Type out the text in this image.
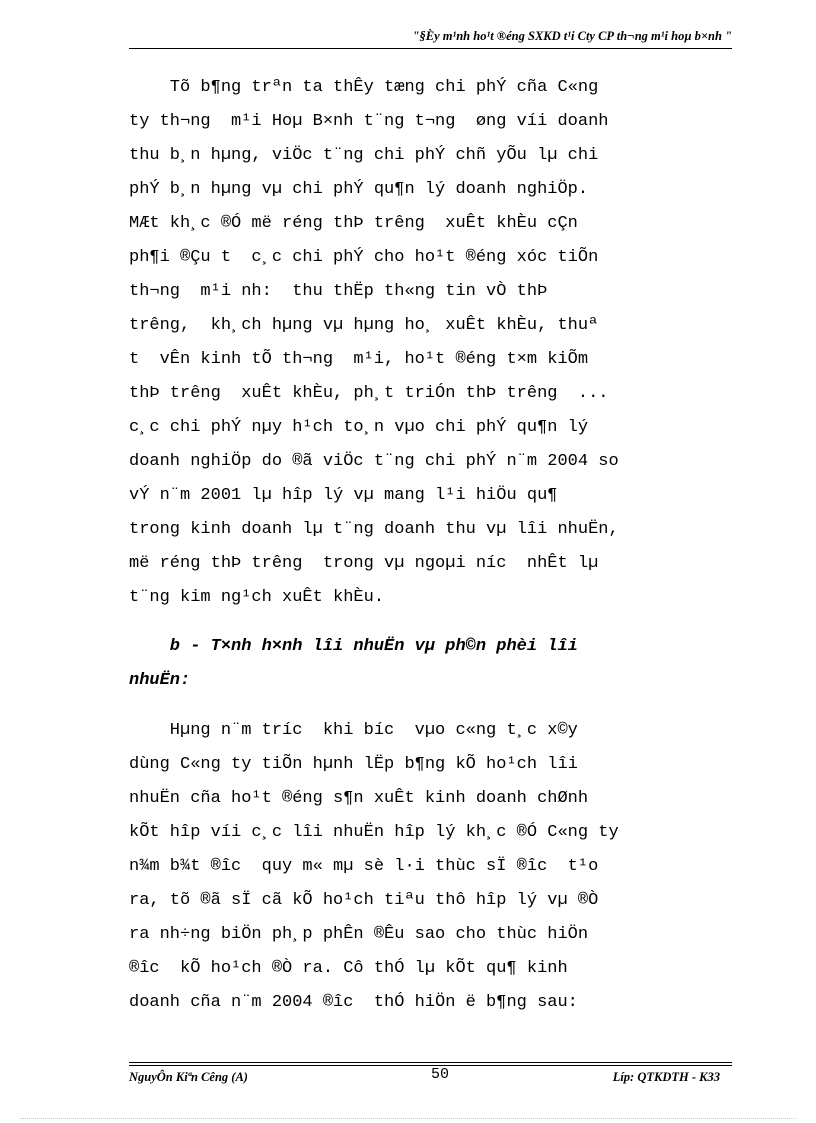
"§Èy m¹nh ho¹t ®éng SXKD t¹i Cty CP th¬ng m¹i hoµ b×nh "
Tõ b¶ng trªn ta thÊy tæng chi phÝ cña C«ng
ty th¬ng  m¹i Hoµ B×nh t¨ng t¬ng  øng víi doanh
thu b¸n hµng, viÖc t¨ng chi phÝ chñ yÕu lµ chi
phÝ b¸n hµng vµ chi phÝ qu¶n lý doanh nghiÖp.
MÆt kh¸c ®Ó më réng thÞ trêng  xuÊt khÈu cÇn
ph¶i ®Çu t  c¸c chi phÝ cho ho¹t ®éng xóc tiÕn
th¬ng  m¹i nh:  thu thËp th«ng tin vÒ thÞ
trêng,  kh¸ch hµng vµ hµng ho¸ xuÊt khÈu, thuª
t  vÊn kinh tÕ th¬ng  m¹i, ho¹t ®éng t×m kiÕm
thÞ trêng  xuÊt khÈu, ph¸t triÓn thÞ trêng  ...
c¸c chi phÝ nµy h¹ch to¸n vµo chi phÝ qu¶n lý
doanh nghiÖp do ®ã viÖc t¨ng chi phÝ n¨m 2004 so
vÝ n¨m 2001 lµ hîp lý vµ mang l¹i hiÖu qu¶
trong kinh doanh lµ t¨ng doanh thu vµ lîi nhuËn,
më réng thÞ trêng  trong vµ ngoµi níc  nhÊt lµ
t¨ng kim ng¹ch xuÊt khÈu.
b - T×nh h×nh lîi nhuËn vµ ph©n phèi lîi
nhuËn:
Hµng n¨m tríc  khi bíc  vµo c«ng t¸c x©y
dùng C«ng ty tiÕn hµnh lËp b¶ng kÕ ho¹ch lîi
nhuËn cña ho¹t ®éng s¶n xuÊt kinh doanh chØnh
kÕt hîp víi c¸c lîi nhuËn hîp lý kh¸c ®Ó C«ng ty
n¾m b¾t ®îc  quy m« mµ sè l·i thùc sÏ ®îc  t¹o
ra, tõ ®ã sÏ cã kÕ ho¹ch tiªu thô hîp lý vµ ®Ò
ra nh÷ng biÖn ph¸p phÊn ®Êu sao cho thùc hiÖn
®îc  kÕ ho¹ch ®Ò ra. Cô thÓ lµ kÕt qu¶ kinh
doanh cña n¨m 2004 ®îc  thÓ hiÖn ë b¶ng sau:
NguyÔn Kiªn Cêng (A)	50	Líp: QTKDTH - K33
